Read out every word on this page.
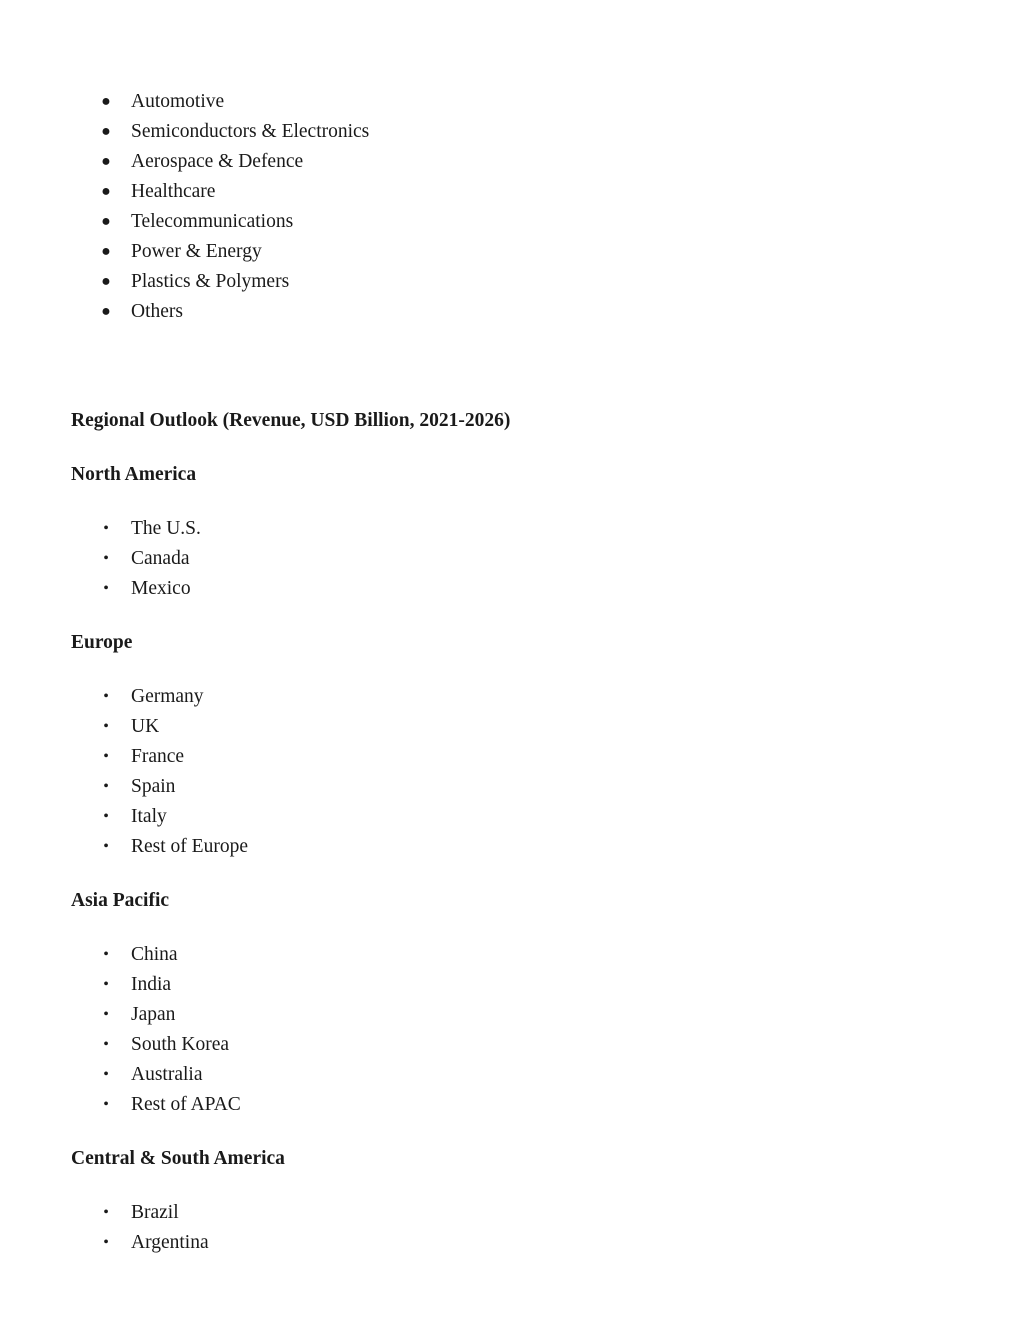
● Automotive
● Semiconductors & Electronics
● Aerospace & Defence
● Healthcare
● Telecommunications
● Power & Energy
● Plastics & Polymers
● Others
Regional Outlook (Revenue, USD Billion, 2021-2026)
North America
• The U.S.
• Canada
• Mexico
Europe
• Germany
• UK
• France
• Spain
• Italy
• Rest of Europe
Asia Pacific
• China
• India
• Japan
• South Korea
• Australia
• Rest of APAC
Central & South America
• Brazil
• Argentina
